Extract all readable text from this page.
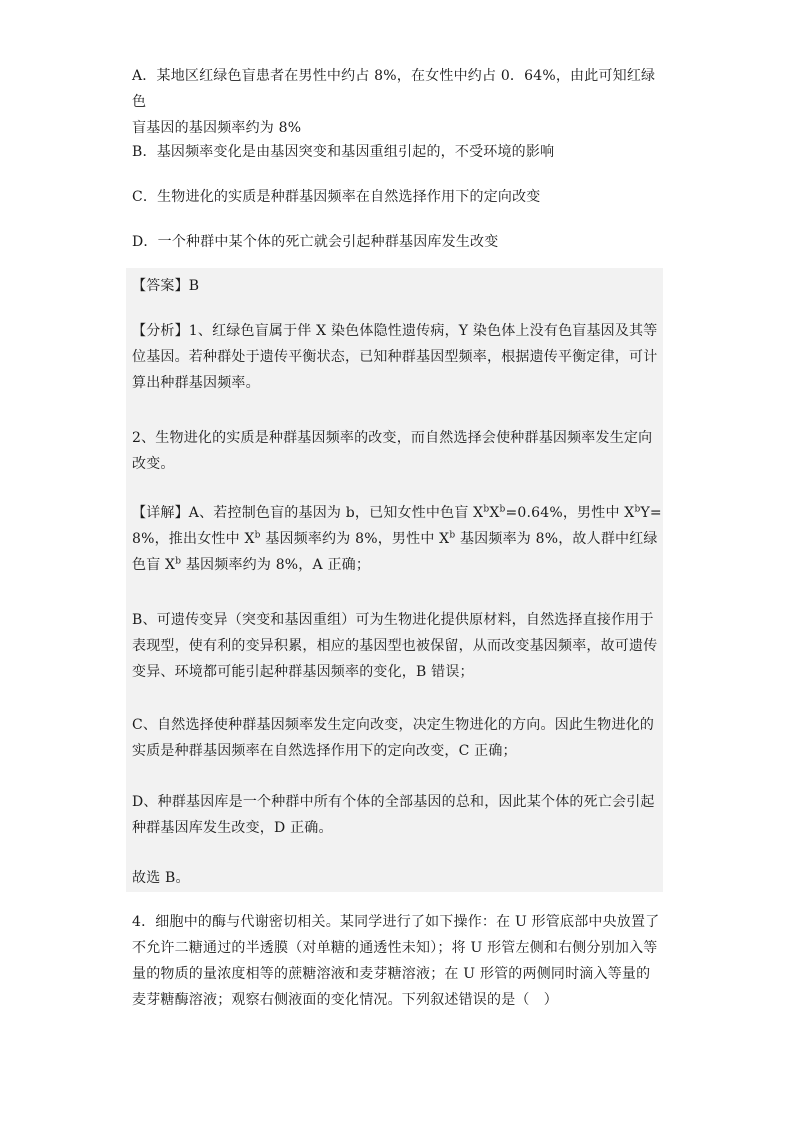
A．某地区红绿色盲患者在男性中约占 8%，在女性中约占 0．64%，由此可知红绿色
盲基因的基因频率约为 8%

B．基因频率变化是由基因突变和基因重组引起的，不受环境的影响

C．生物进化的实质是种群基因频率在自然选择作用下的定向改变

D．一个种群中某个体的死亡就会引起种群基因库发生改变

【答案】B

【分析】1、红绿色盲属于伴 X 染色体隐性遗传病，Y 染色体上没有色盲基因及其等位基因。若种群处于遗传平衡状态，已知种群基因型频率，根据遗传平衡定律，可计算出种群基因频率。

2、生物进化的实质是种群基因频率的改变，而自然选择会使种群基因频率发生定向改变。

【详解】A、若控制色盲的基因为 b，已知女性中色盲 $X^bX^b=0.64\%$，男性中 $X^bY=8\%$，推出女性中 $X^b$ 基因频率约为 8%，男性中 $X^b$ 基因频率为 8%，故人群中红绿色盲 $X^b$ 基因频率约为 8%，A 正确；

B、可遗传变异（突变和基因重组）可为生物进化提供原材料，自然选择直接作用于表现型，使有利的变异积累，相应的基因型也被保留，从而改变基因频率，故可遗传变异、环境都可能引起种群基因频率的变化，B 错误；

C、自然选择使种群基因频率发生定向改变，决定生物进化的方向。因此生物进化的实质是种群基因频率在自然选择作用下的定向改变，C 正确；

D、种群基因库是一个种群中所有个体的全部基因的总和，因此某个体的死亡会引起种群基因库发生改变，D 正确。

故选 B。

4．细胞中的酶与代谢密切相关。某同学进行了如下操作：在 U 形管底部中央放置了不允许二糖通过的半透膜（对单糖的通透性未知）；将 U 形管左侧和右侧分别加入等量的物质的量浓度相等的蔗糖溶液和麦芽糖溶液；在 U 形管的两侧同时滴入等量的麦芽糖酶溶液；观察右侧液面的变化情况。下列叙述错误的是（　）
